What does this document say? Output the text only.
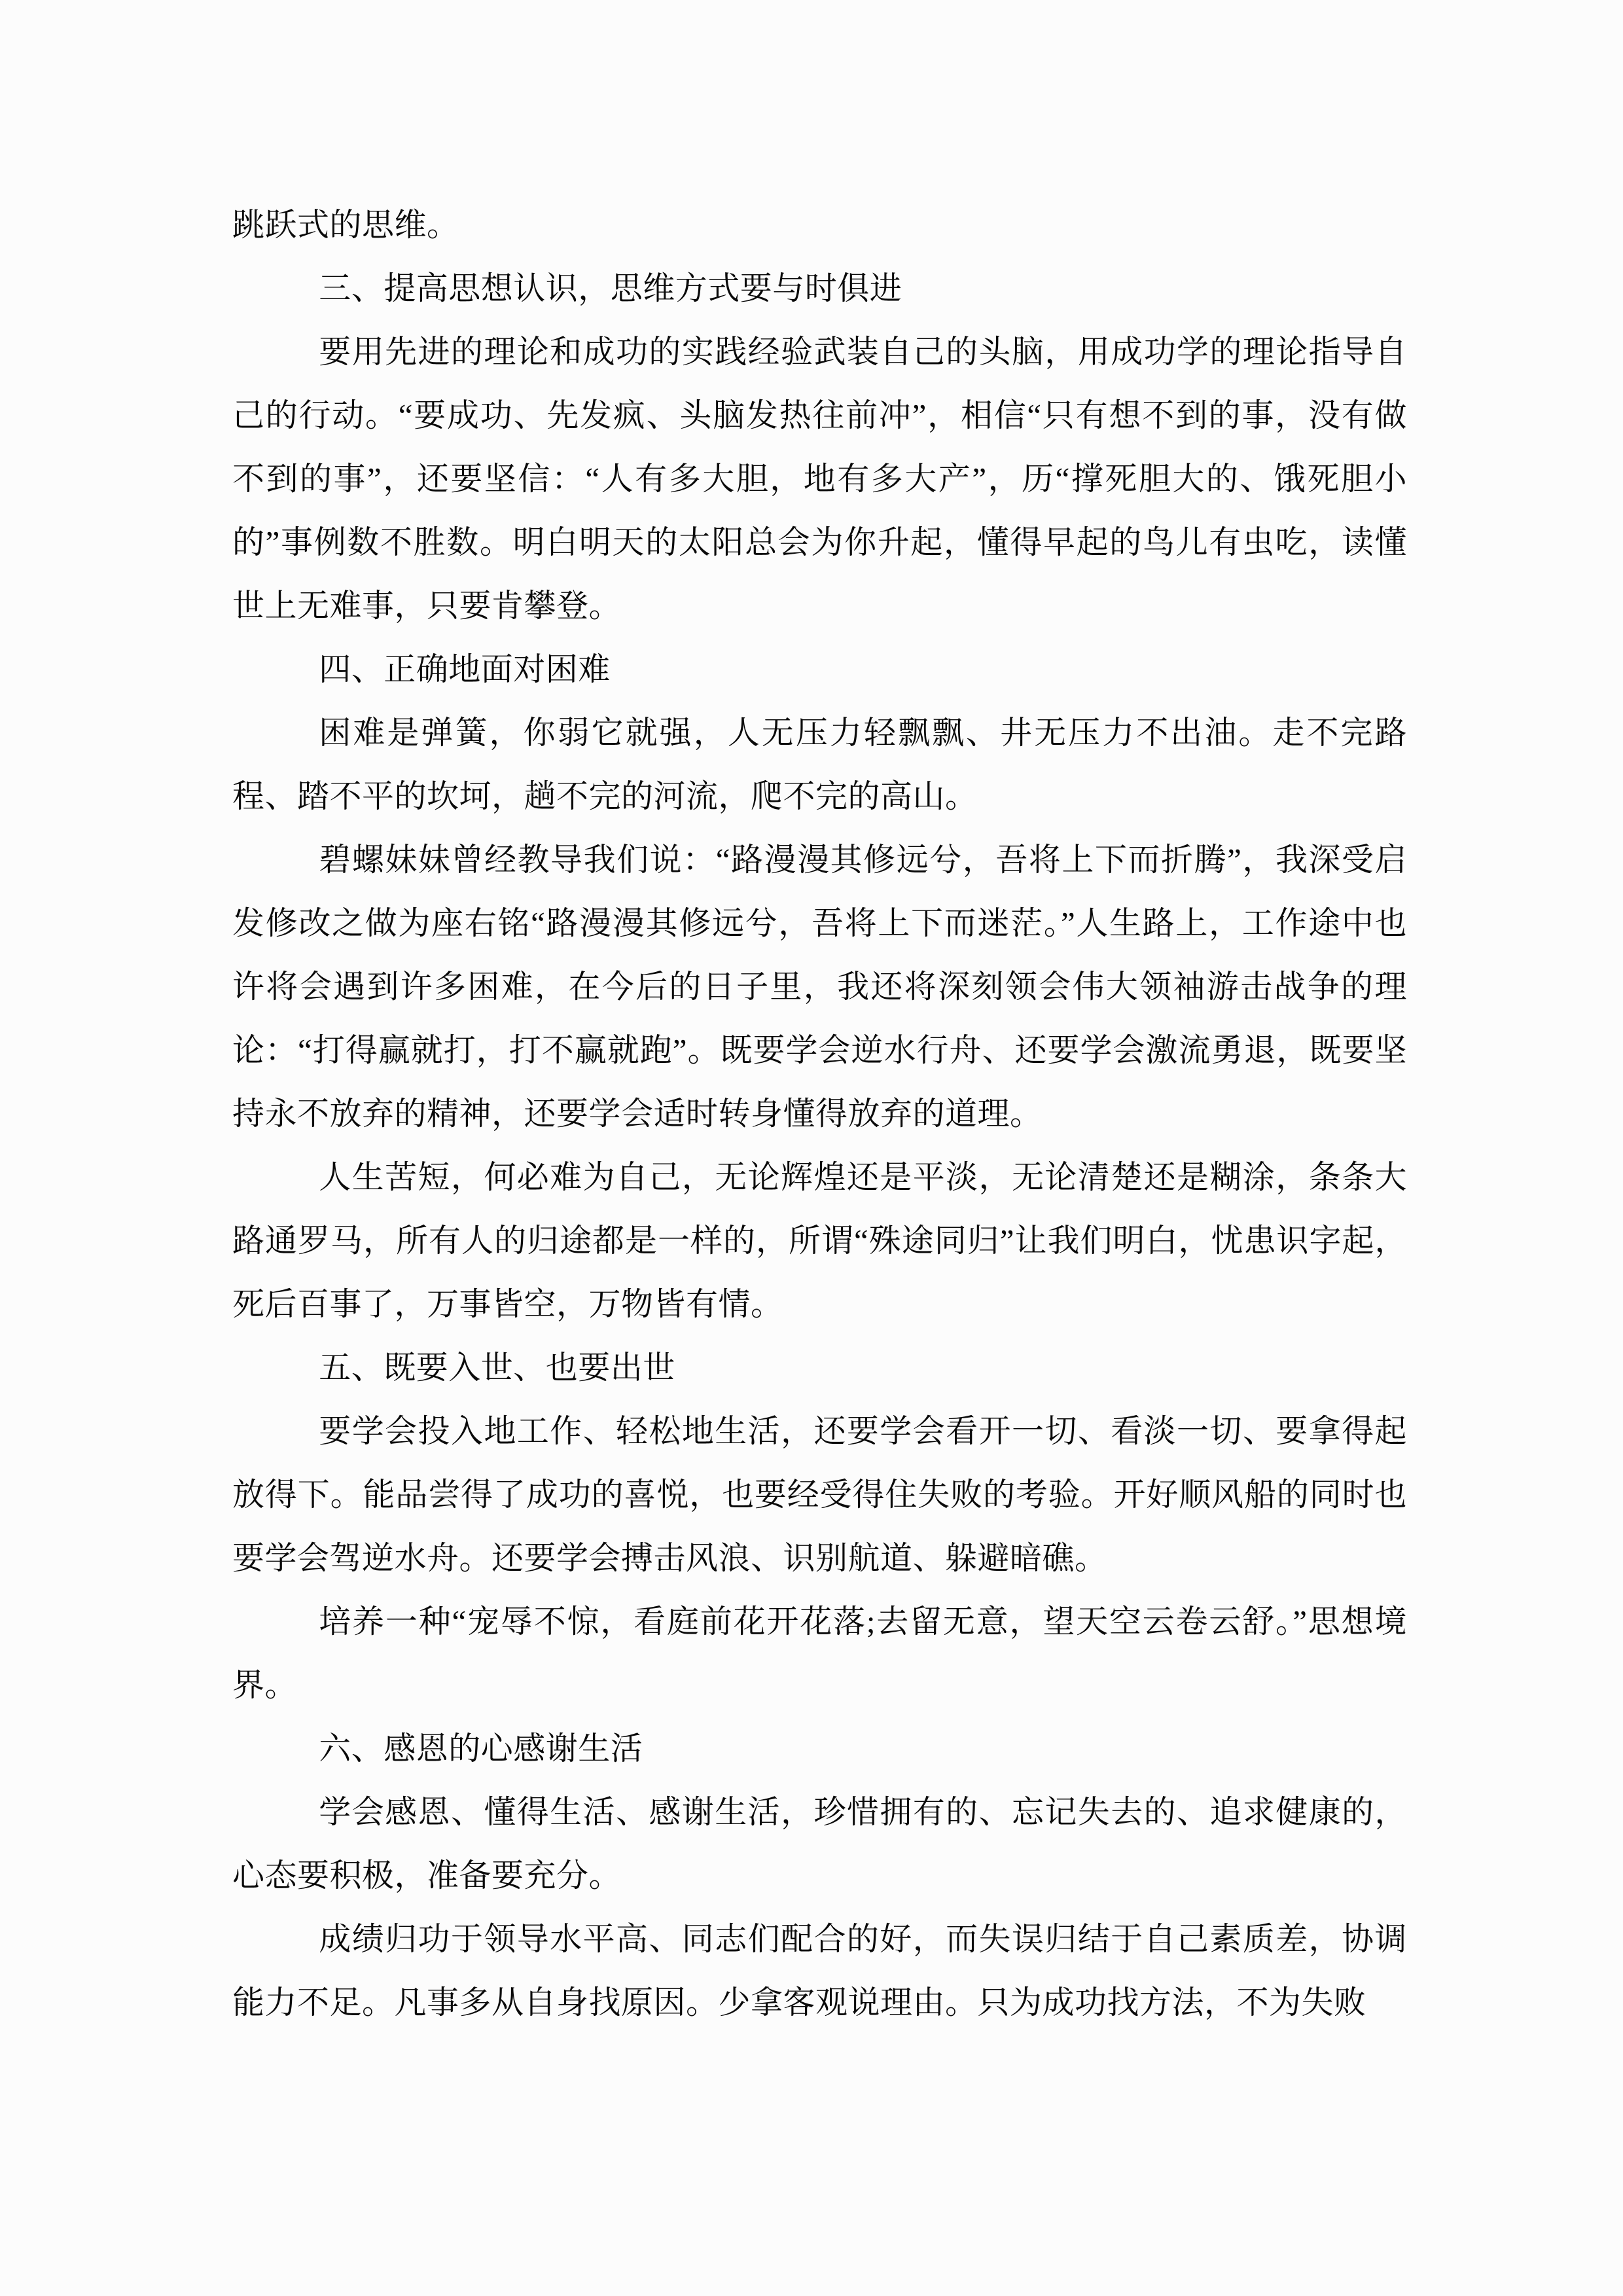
跳跃式的思维。

三、提高思想认识，思维方式要与时俱进

要用先进的理论和成功的实践经验武装自己的头脑，用成功学的理论指导自己的行动。“要成功、先发疯、头脑发热往前冲”，相信“只有想不到的事，没有做不到的事”，还要坚信：“人有多大胆，地有多大产”，历“撑死胆大的、饿死胆小的”事例数不胜数。明白明天的太阳总会为你升起，懂得早起的鸟儿有虫吃，读懂世上无难事，只要肯攀登。

四、正确地面对困难

困难是弹簧，你弱它就强，人无压力轻飘飘、井无压力不出油。走不完路程、踏不平的坎坷，趟不完的河流，爬不完的高山。

碧螺妹妹曾经教导我们说：“路漫漫其修远兮，吾将上下而折腾”，我深受启发修改之做为座右铭“路漫漫其修远兮，吾将上下而迷茫。”人生路上，工作途中也许将会遇到许多困难，在今后的日子里，我还将深刻领会伟大领袖游击战争的理论：“打得赢就打，打不赢就跑”。既要学会逆水行舟、还要学会激流勇退，既要坚持永不放弃的精神，还要学会适时转身懂得放弃的道理。

人生苦短，何必难为自己，无论辉煌还是平淡，无论清楚还是糊涂，条条大路通罗马，所有人的归途都是一样的，所谓“殊途同归”让我们明白，忧患识字起，死后百事了，万事皆空，万物皆有情。

五、既要入世、也要出世

要学会投入地工作、轻松地生活，还要学会看开一切、看淡一切、要拿得起放得下。能品尝得了成功的喜悦，也要经受得住失败的考验。开好顺风船的同时也要学会驾逆水舟。还要学会搏击风浪、识别航道、躲避暗礁。

培养一种“宠辱不惊，看庭前花开花落;去留无意，望天空云卷云舒。”思想境界。

六、感恩的心感谢生活

学会感恩、懂得生活、感谢生活，珍惜拥有的、忘记失去的、追求健康的，心态要积极，准备要充分。

成绩归功于领导水平高、同志们配合的好，而失误归结于自己素质差，协调能力不足。凡事多从自身找原因。少拿客观说理由。只为成功找方法，不为失败
